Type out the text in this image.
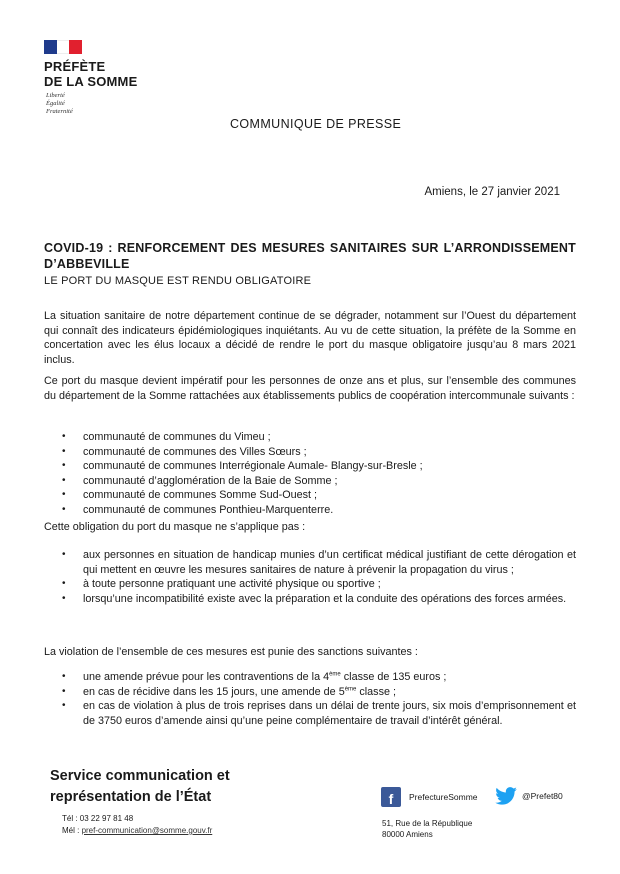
PRÉFÈTE
DE LA SOMME
Liberté
Égalité
Fraternité
COMMUNIQUE DE PRESSE
Amiens, le 27 janvier 2021
COVID-19 : RENFORCEMENT DES MESURES SANITAIRES SUR L’ARRONDISSEMENT D’ABBEVILLE
LE PORT DU MASQUE EST RENDU OBLIGATOIRE
La situation sanitaire de notre département continue de se dégrader, notamment sur l’Ouest du département qui connaît des indicateurs épidémiologiques inquiétants. Au vu de cette situation, la préfète de la Somme en concertation avec les élus locaux a décidé de rendre le port du masque obligatoire jusqu’au 8 mars 2021 inclus.
Ce port du masque devient impératif pour les personnes de onze ans et plus, sur l’ensemble des communes du département de la Somme rattachées aux établissements publics de coopération intercommunale suivants :
• communauté de communes du Vimeu ;
• communauté de communes des Villes Sœurs ;
• communauté de communes Interrégionale Aumale- Blangy-sur-Bresle ;
• communauté d’agglomération de la Baie de Somme ;
• communauté de communes Somme Sud-Ouest ;
• communauté de communes Ponthieu-Marquenterre.
Cette obligation du port du masque ne s’applique pas :
• aux personnes en situation de handicap munies d’un certificat médical justifiant de cette dérogation et qui mettent en œuvre les mesures sanitaires de nature à prévenir la propagation du virus ;
• à toute personne pratiquant une activité physique ou sportive ;
• lorsqu’une incompatibilité existe avec la préparation et la conduite des opérations des forces armées.
La violation de l’ensemble de ces mesures est punie des sanctions suivantes :
• une amende prévue pour les contraventions de la 4ème classe de 135 euros ;
• en cas de récidive dans les 15 jours, une amende de 5ème classe ;
• en cas de violation à plus de trois reprises dans un délai de trente jours, six mois d’emprisonnement et de 3750 euros d’amende ainsi qu’une peine complémentaire de travail d’intérêt général.
Service communication et
représentation de l’État
Tél : 03 22 97 81 48
Mél : pref-communication@somme.gouv.fr
f	PrefectureSomme	@Prefet80
51, Rue de la République
80000 Amiens
